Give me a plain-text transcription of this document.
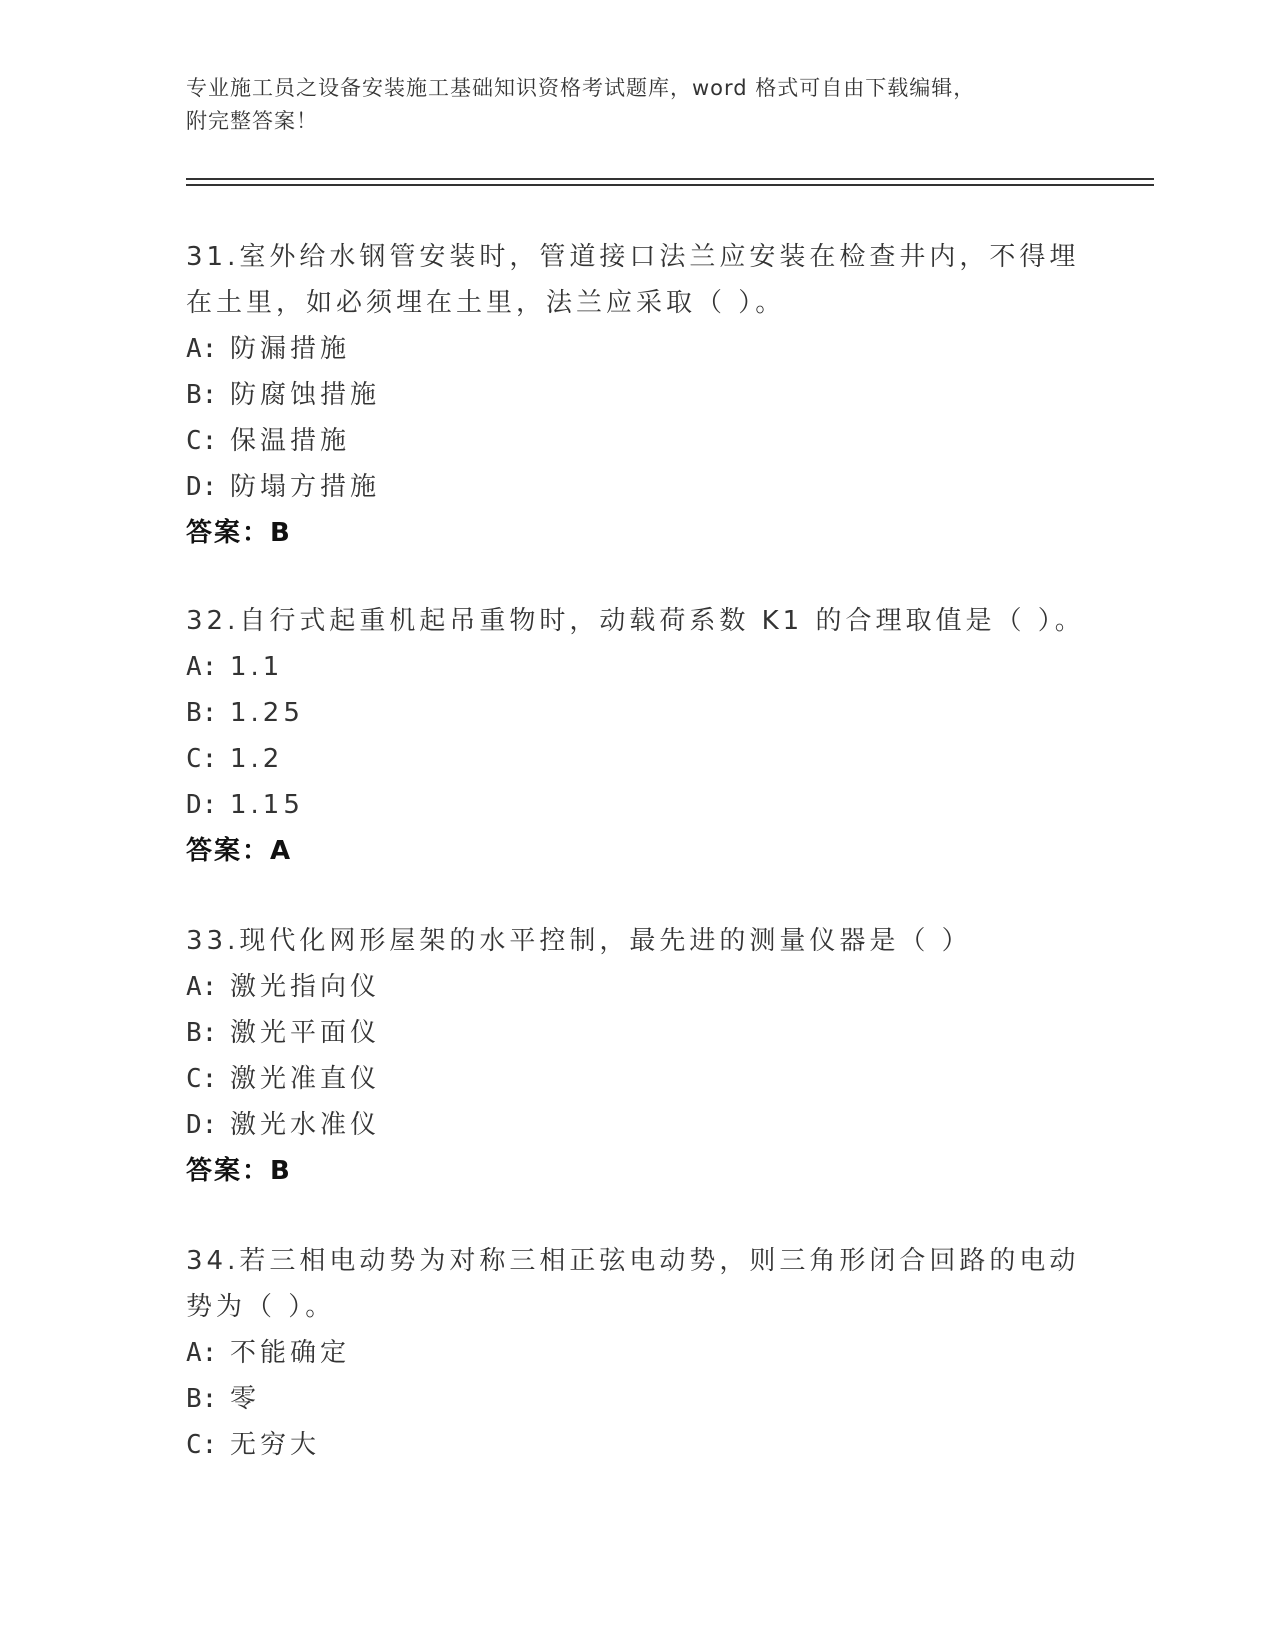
专业施工员之设备安装施工基础知识资格考试题库，word 格式可自由下载编辑，
附完整答案！

31.室外给水钢管安装时，管道接口法兰应安装在检查井内，不得埋在土里，如必须埋在土里，法兰应采取（ ）。

A: 防漏措施
B: 防腐蚀措施
C: 保温措施
D: 防塌方措施
答案：B

32.自行式起重机起吊重物时，动载荷系数 K1 的合理取值是（ ）。

A: 1.1
B: 1.25
C: 1.2
D: 1.15
答案：A

33.现代化网形屋架的水平控制，最先进的测量仪器是（ ）

A: 激光指向仪
B: 激光平面仪
C: 激光准直仪
D: 激光水准仪
答案：B

34.若三相电动势为对称三相正弦电动势，则三角形闭合回路的电动势为（ ）。

A: 不能确定
B: 零
C: 无穷大
